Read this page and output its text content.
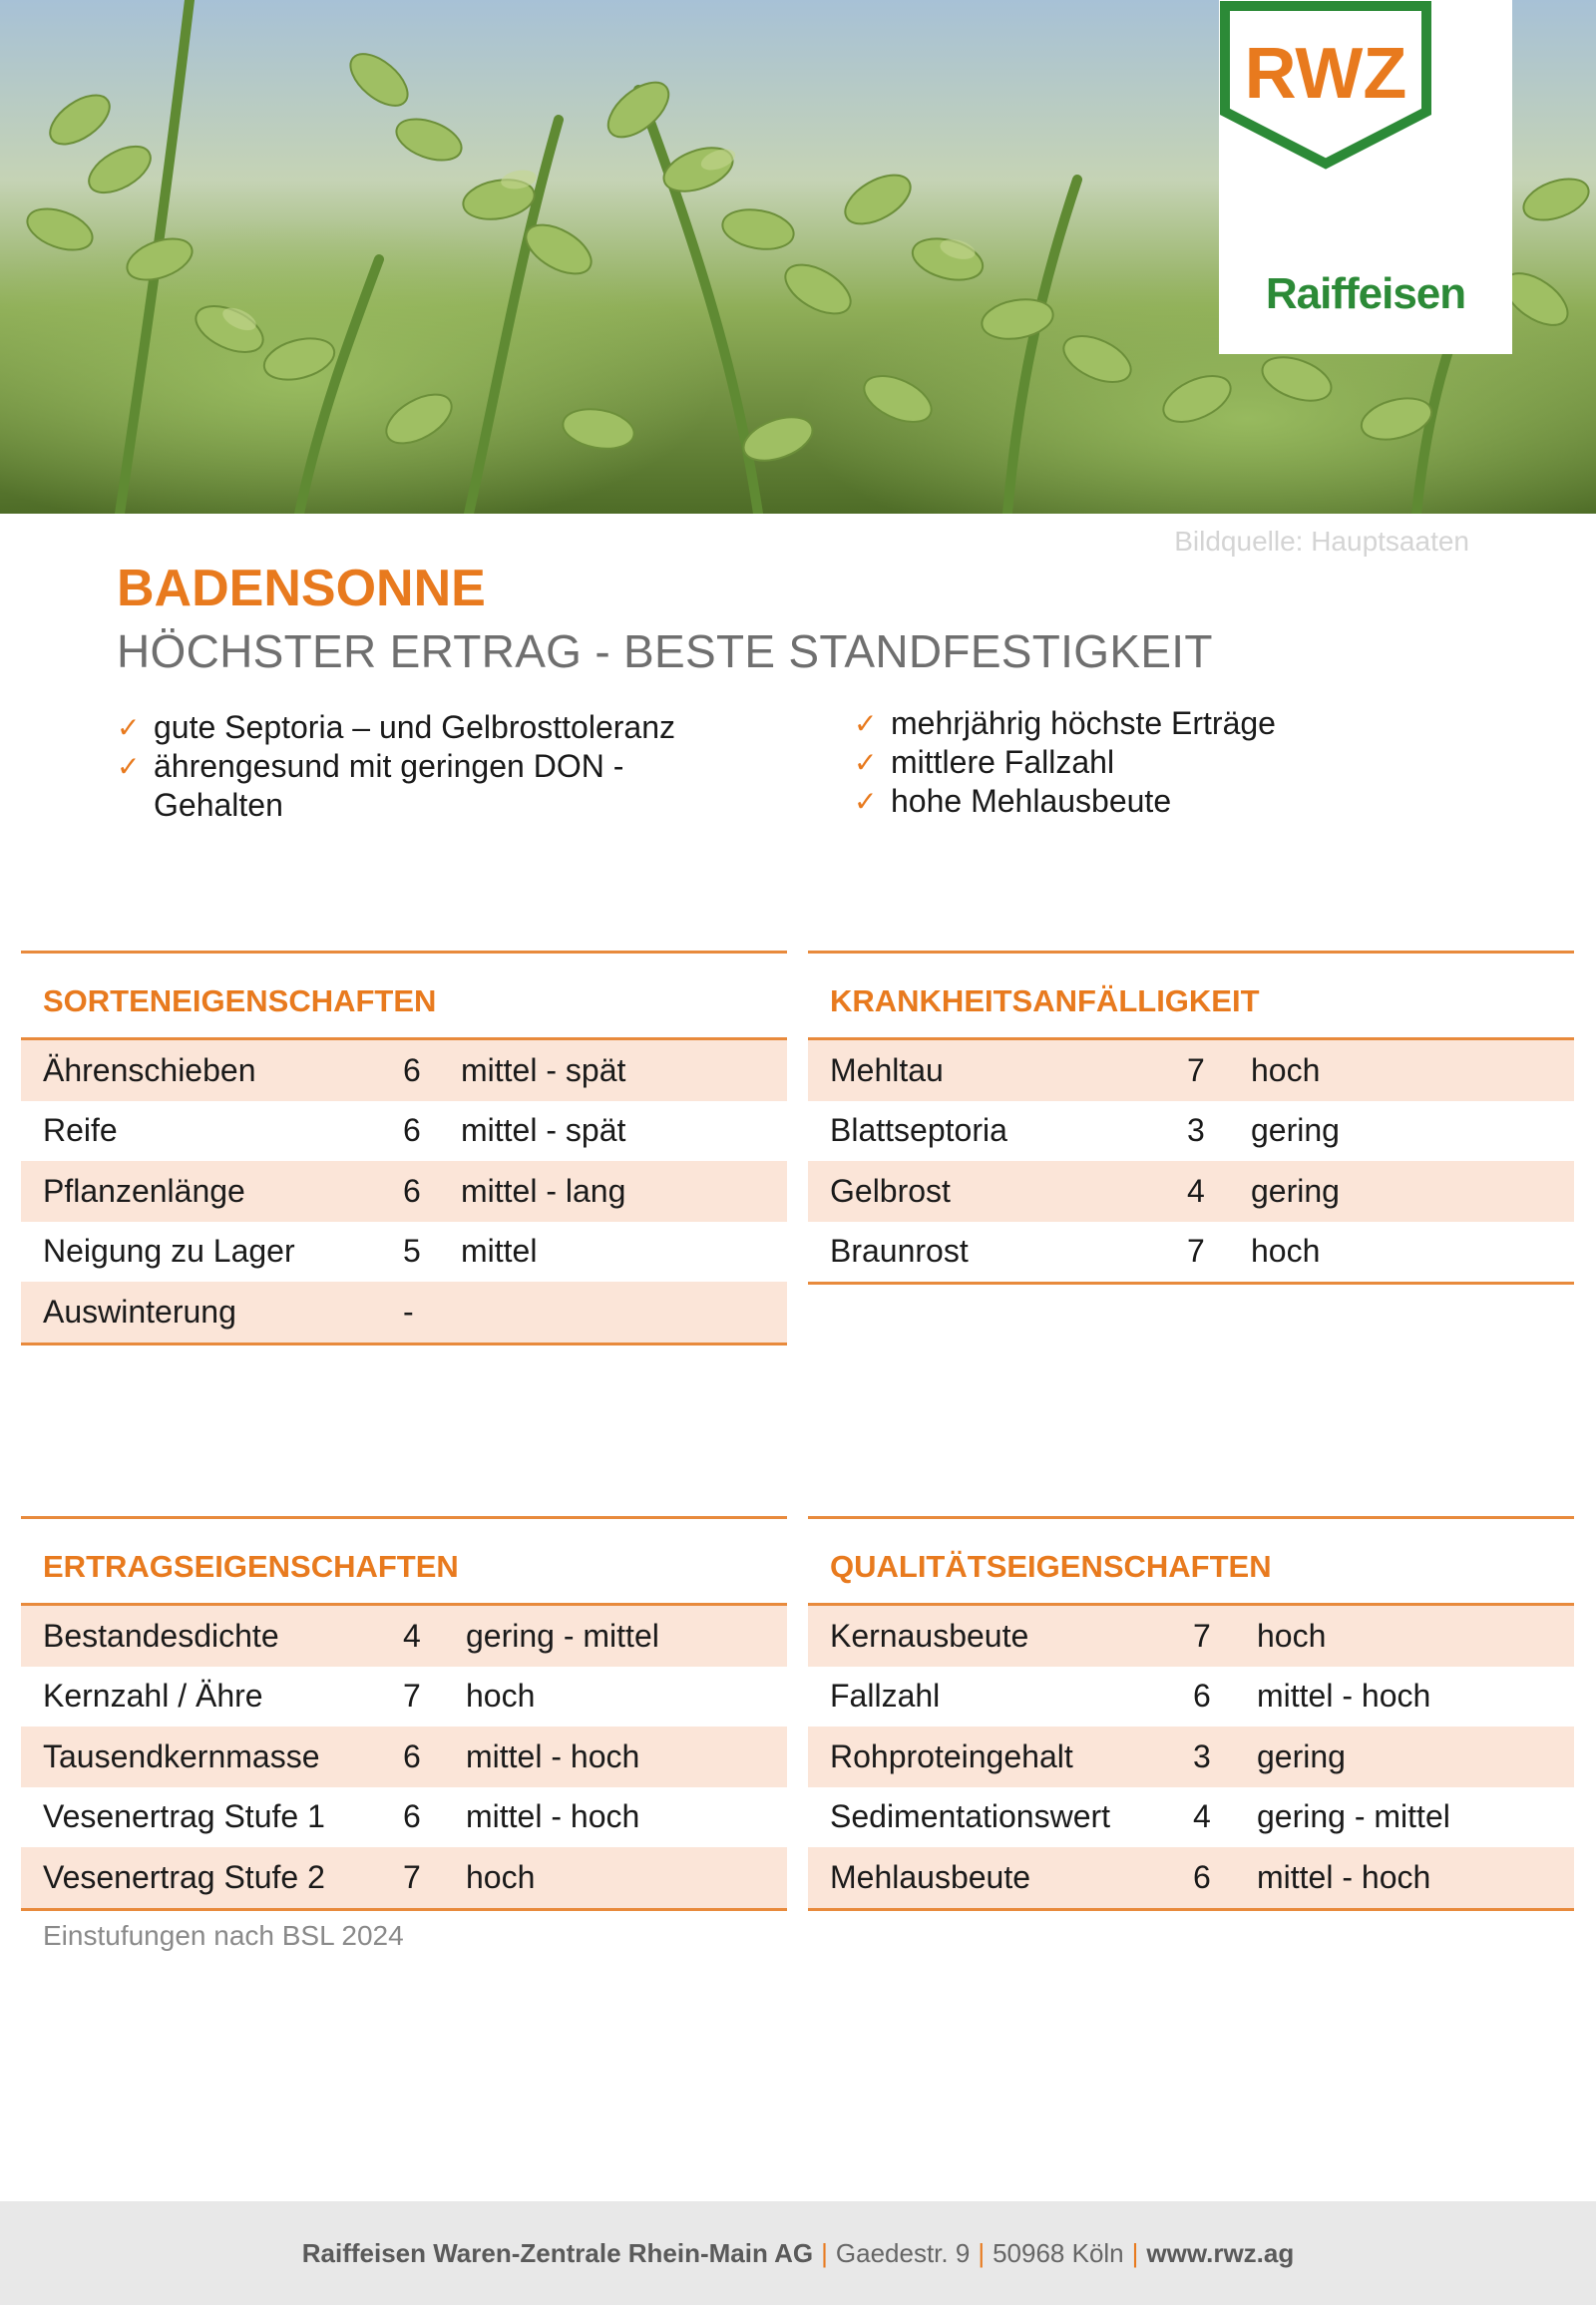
RWZ
Raiffeisen
Bildquelle: Hauptsaaten
BADENSONNE
HÖCHSTER ERTRAG - BESTE STANDFESTIGKEIT
✓ gute Septoria – und Gelbrosttoleranz
✓ ährengesund mit geringen DON -
Gehalten
✓ mehrjährig höchste Erträge
✓ mittlere Fallzahl
✓ hohe Mehlausbeute
SORTENEIGENSCHAFTEN
Ährenschieben	6	mittel - spät
Reife	6	mittel - spät
Pflanzenlänge	6	mittel - lang
Neigung zu Lager	5	mittel
Auswinterung	-
KRANKHEITSANFÄLLIGKEIT
Mehltau	7	hoch
Blattseptoria	3	gering
Gelbrost	4	gering
Braunrost	7	hoch
ERTRAGSEIGENSCHAFTEN
Bestandesdichte	4	gering - mittel
Kernzahl / Ähre	7	hoch
Tausendkernmasse	6	mittel - hoch
Vesenertrag Stufe 1	6	mittel - hoch
Vesenertrag Stufe 2	7	hoch
QUALITÄTSEIGENSCHAFTEN
Kernausbeute	7	hoch
Fallzahl	6	mittel - hoch
Rohproteingehalt	3	gering
Sedimentationswert	4	gering - mittel
Mehlausbeute	6	mittel - hoch
Einstufungen nach BSL 2024
Raiffeisen Waren-Zentrale Rhein-Main AG | Gaedestr. 9 | 50968 Köln | www.rwz.ag
